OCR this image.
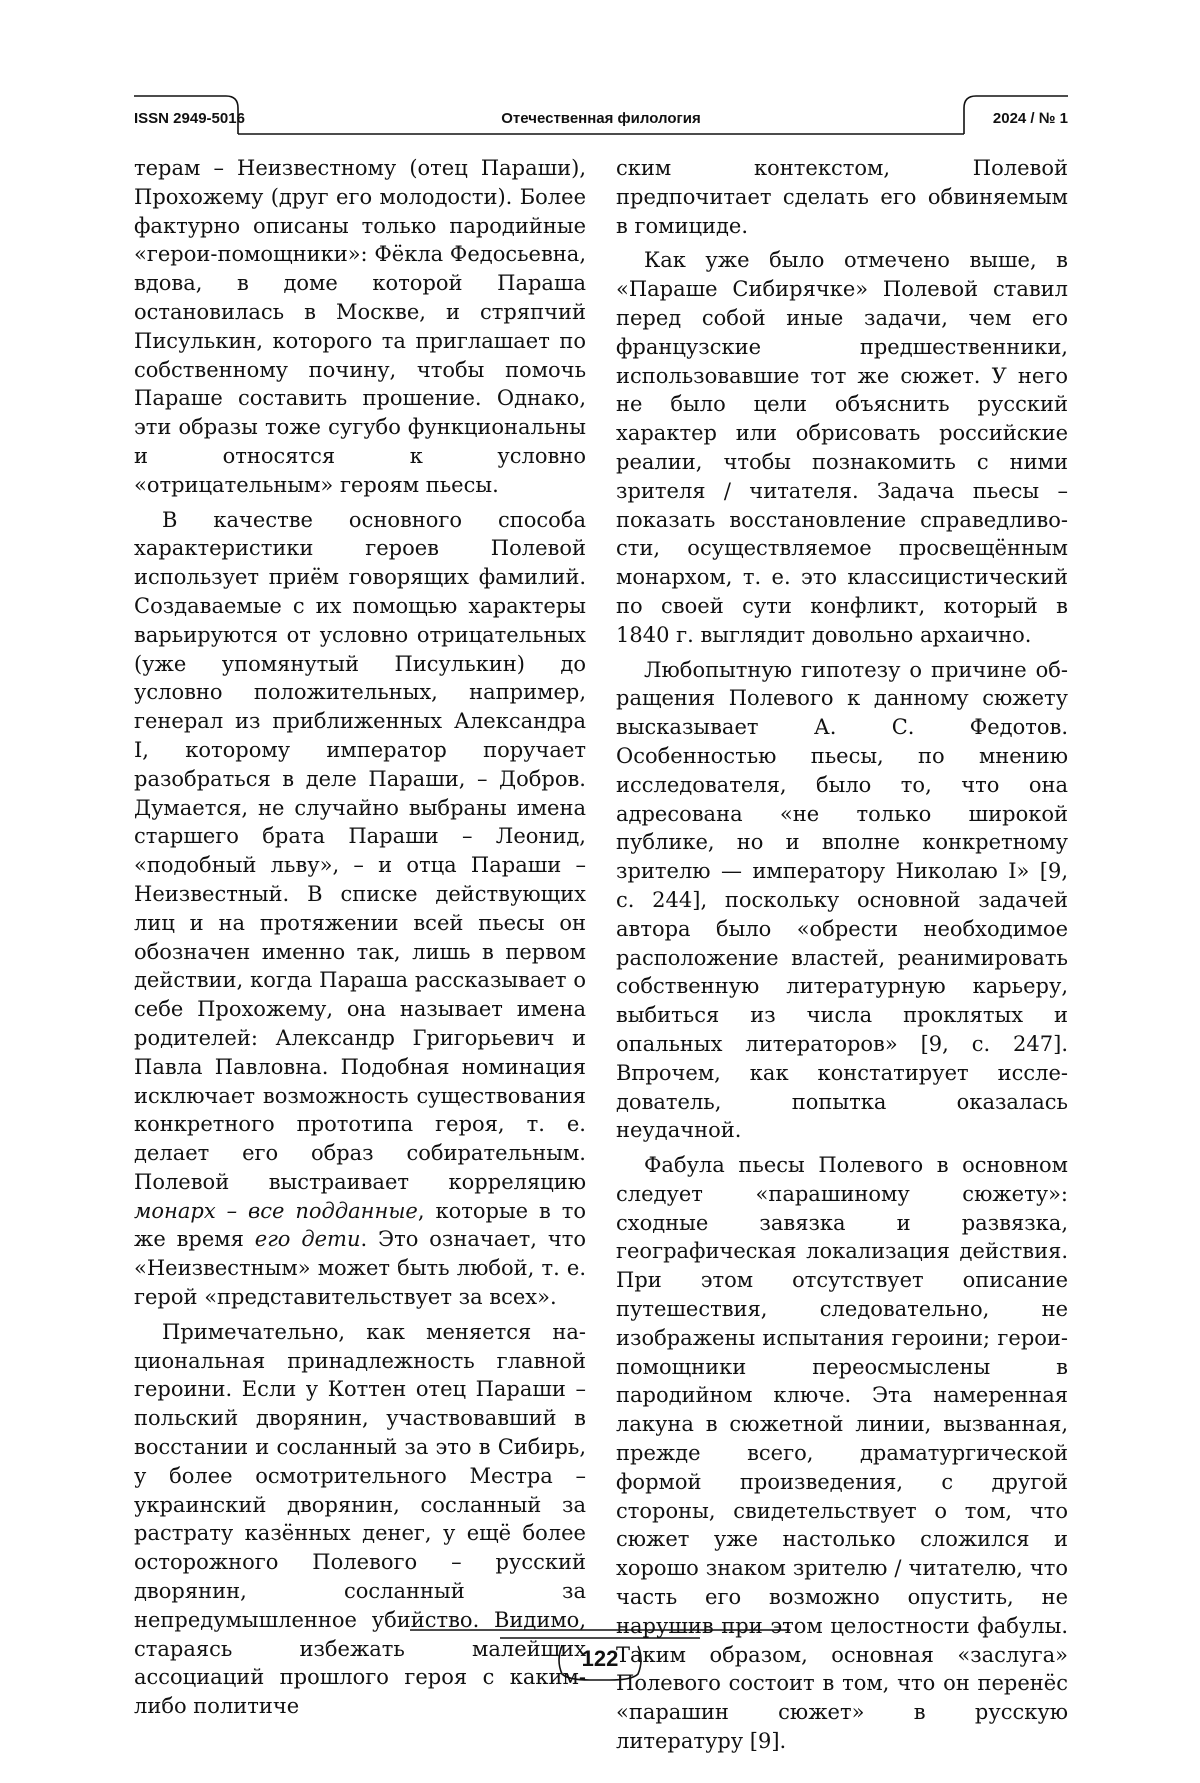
ISSN 2949-5016	Отечественная филология	2024 / № 1

терам – Неизвестному (отец Параши), Прохожему (друг его молодости). Более фактурно описаны только пародийные «герои-помощники»: Фёкла Федосьевна, вдова, в доме которой Параша остановилась в Москве, и стряпчий Писулькин, которого та приглашает по собственному почину, чтобы помочь Параше составить прошение. Однако, эти образы тоже сугубо функциональны и относятся к условно «отрицательным» героям пьесы.

В качестве основного способа характеристики героев Полевой использует приём говорящих фамилий. Создаваемые с их помощью характеры варьируются от условно отрицательных (уже упомянутый Писулькин) до условно положительных, например, генерал из приближенных Александра I, которому император поручает разобраться в деле Параши, – Добров. Думается, не случайно выбраны имена старшего брата Параши – Леонид, «подобный льву», – и отца Параши – Неизвестный. В списке действующих лиц и на протяжении всей пьесы он обозначен именно так, лишь в первом действии, когда Параша рассказывает о себе Прохожему, она называет имена родителей: Александр Григорьевич и Павла Павловна. Подобная номинация исключает возможность существования конкретного прототипа героя, т. е. делает его образ собирательным. Полевой выстраивает корреляцию монарх – все подданные, которые в то же время его дети. Это означает, что «Неизвестным» может быть любой, т. е. герой «представительствует за всех».

Примечательно, как меняется национальная принадлежность главной героини. Если у Коттен отец Параши – польский дворянин, участвовавший в восстании и сосланный за это в Сибирь, у более осмотрительного Местра – украинский дворянин, сосланный за растрату казённых денег, у ещё более осторожного Полевого – русский дворянин, сосланный за непредумышленное убийство. Видимо, стараясь избежать малейших ассоциаций прошлого героя с каким-либо политиче

ским контекстом, Полевой предпочитает сделать его обвиняемым в гомициде.

Как уже было отмечено выше, в «Параше Сибирячке» Полевой ставил перед собой иные задачи, чем его французские предшественники, использовавшие тот же сюжет. У него не было цели объяснить русский характер или обрисовать российские реалии, чтобы познакомить с ними зрителя / читателя. Задача пьесы – показать восстановление справедливости, осуществляемое просвещённым монархом, т. е. это классицистический по своей сути конфликт, который в 1840 г. выглядит довольно архаично.

Любопытную гипотезу о причине обращения Полевого к данному сюжету высказывает А. С. Федотов. Особенностью пьесы, по мнению исследователя, было то, что она адресована «не только широкой публике, но и вполне конкретному зрителю — императору Николаю I» [9, с. 244], поскольку основной задачей автора было «обрести необходимое расположение властей, реанимировать собственную литературную карьеру, выбиться из числа проклятых и опальных литераторов» [9, с. 247]. Впрочем, как констатирует исследователь, попытка оказалась неудачной.

Фабула пьесы Полевого в основном следует «парашиному сюжету»: сходные завязка и развязка, географическая локализация действия. При этом отсутствует описание путешествия, следовательно, не изображены испытания героини; герои-помощники переосмыслены в пародийном ключе. Эта намеренная лакуна в сюжетной линии, вызванная, прежде всего, драматургической формой произведения, с другой стороны, свидетельствует о том, что сюжет уже настолько сложился и хорошо знаком зрителю / читателю, что часть его возможно опустить, не нарушив при этом целостности фабулы. Таким образом, основная «заслуга» Полевого состоит в том, что он перенёс «парашин сюжет» в русскую литературу [9].

122
